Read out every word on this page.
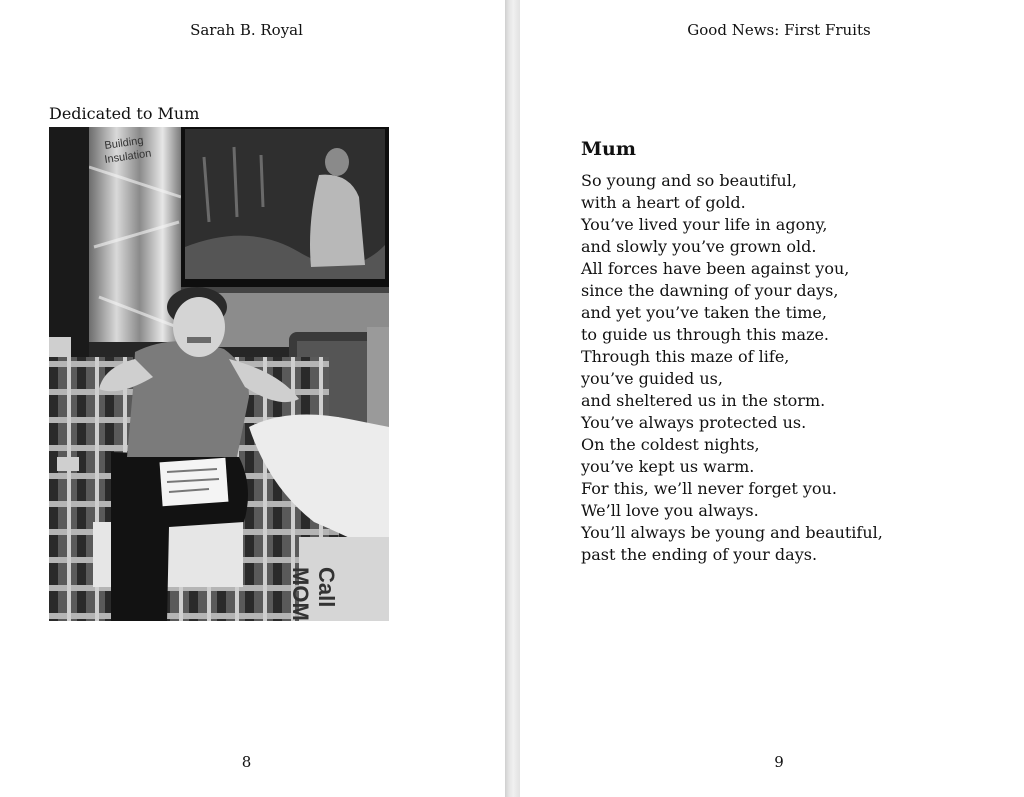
Sarah B. Royal
Dedicated to Mum
Building
Insulation
Call
MOM
8
Good News: First Fruits
Mum
So young and so beautiful,
with a heart of gold.
You’ve lived your life in agony,
and slowly you’ve grown old.
All forces have been against you,
since the dawning of your days,
and yet you’ve taken the time,
to guide us through this maze.
Through this maze of life,
you’ve guided us,
and sheltered us in the storm.
You’ve always protected us.
On the coldest nights,
you’ve kept us warm.
For this, we’ll never forget you.
We’ll love you always.
You’ll always be young and beautiful,
past the ending of your days.
9
